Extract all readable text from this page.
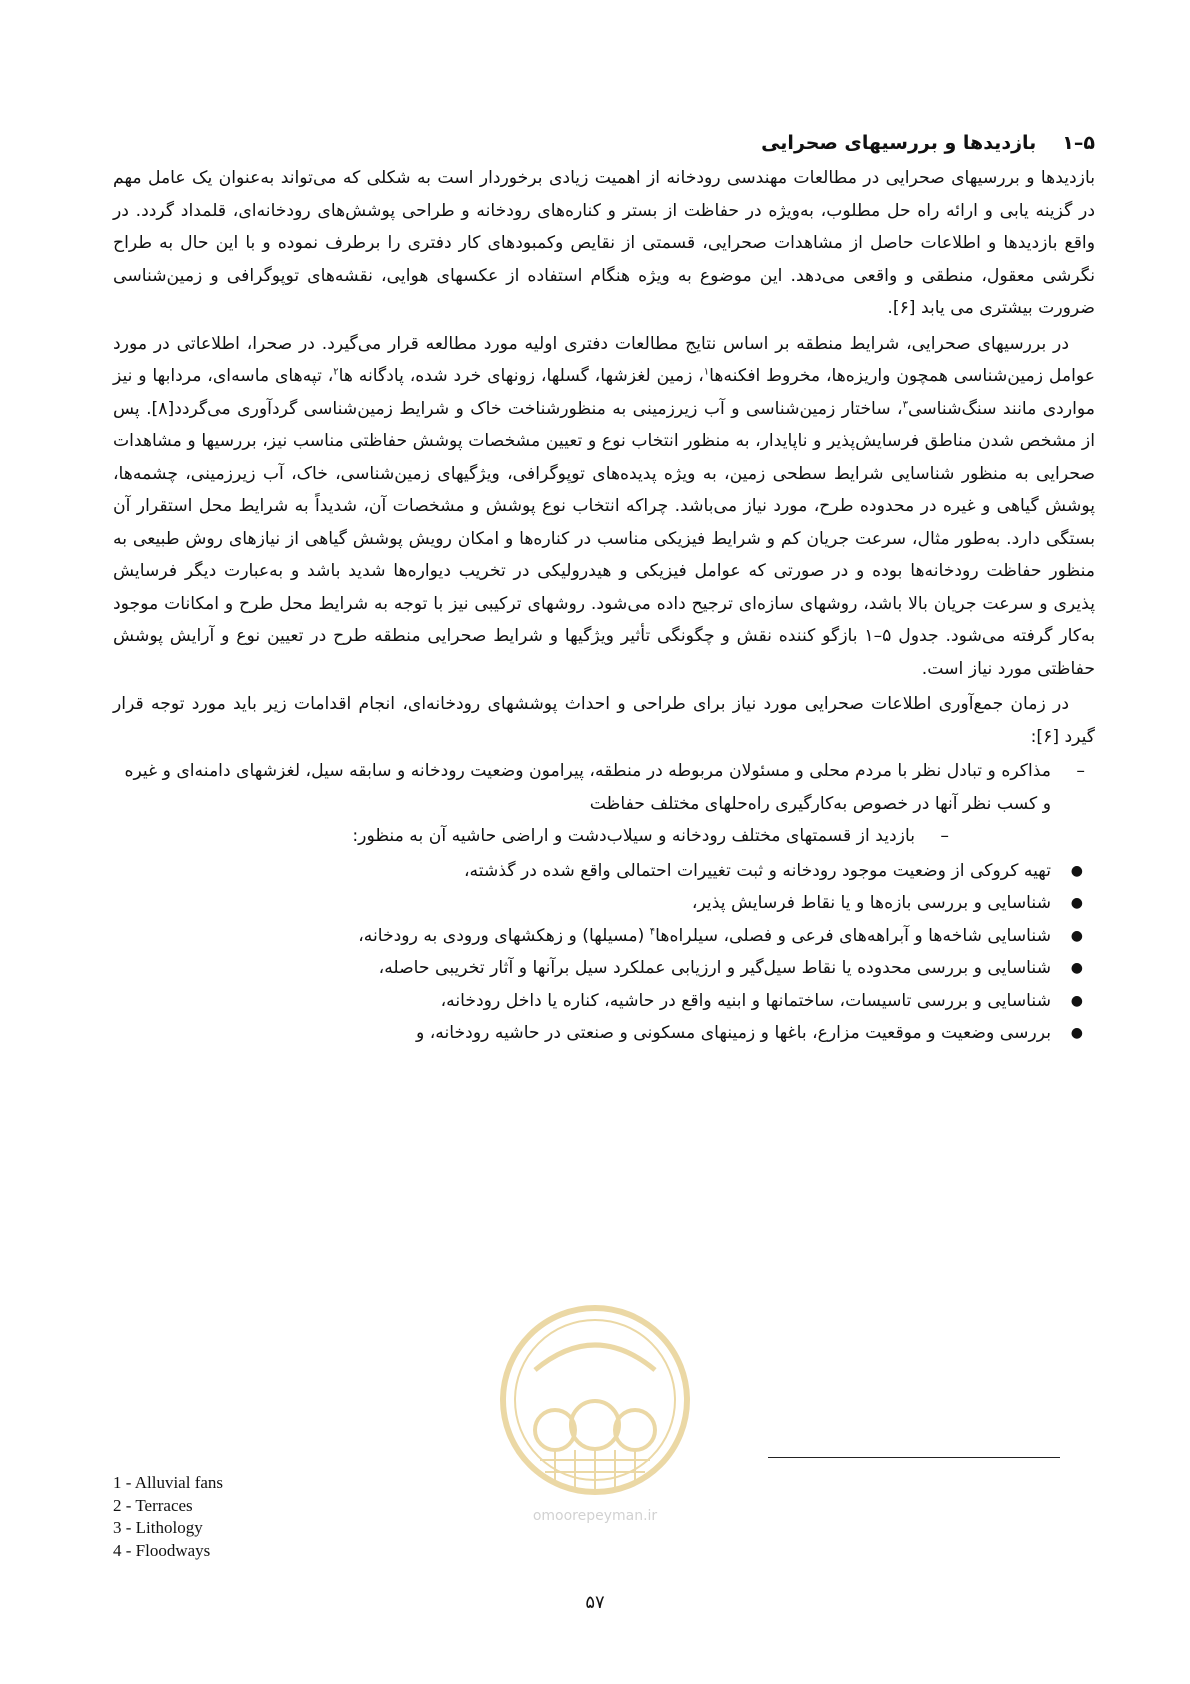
۵–۱بازدیدها و بررسیهای صحرایی

بازدیدها و بررسیهای صحرایی در مطالعات مهندسی رودخانه از اهمیت زیادی برخوردار است به شکلی که می‌تواند به‌عنوان یک عامل مهم در گزینه یابی و ارائه راه حل مطلوب، به‌ویژه در حفاظت از بستر و کناره‌های رودخانه و طراحی پوشش‌های رودخانه‌ای، قلمداد گردد. در واقع بازدیدها و اطلاعات حاصل از مشاهدات صحرایی، قسمتی از نقایص وکمبودهای کار دفتری را برطرف نموده و با این حال به طراح نگرشی معقول، منطقی و واقعی می‌دهد. این موضوع به ویژه هنگام استفاده از عکسهای هوایی، نقشه‌های توپوگرافی و زمین‌شناسی ضرورت بیشتری می یابد [۶].

در بررسیهای صحرایی، شرایط منطقه بر اساس نتایج مطالعات دفتری اولیه مورد مطالعه قرار می‌گیرد. در صحرا، اطلاعاتی در مورد عوامل زمین‌شناسی همچون واریزه‌ها، مخروط افکنه‌ها$^۱$، زمین لغزشها، گسلها، زونهای خرد شده، پادگانه ها$^۲$، تپه‌های ماسه‌ای، مردابها و نیز مواردی مانند سنگ‌شناسی$^۳$، ساختار زمین‌شناسی و آب زیرزمینی به منظورشناخت خاک و شرایط زمین‌شناسی گردآوری می‌گردد[۸]. پس از مشخص شدن مناطق فرسایش‌پذیر و ناپایدار، به منظور انتخاب نوع و تعیین مشخصات پوشش حفاظتی مناسب نیز، بررسیها و مشاهدات صحرایی به منظور شناسایی شرایط سطحی زمین، به ویژه پدیده‌های توپوگرافی، ویژگیهای زمین‌شناسی، خاک، آب زیرزمینی، چشمه‌ها، پوشش گیاهی و غیره در محدوده طرح، مورد نیاز می‌باشد. چراکه انتخاب نوع پوشش و مشخصات آن، شدیداً به شرایط محل استقرار آن بستگی دارد. به‌طور مثال، سرعت جریان کم و شرایط فیزیکی مناسب در کناره‌ها و امکان رویش پوشش گیاهی از نیازهای روش طبیعی به منظور حفاظت رودخانه‌ها بوده و در صورتی که عوامل فیزیکی و هیدرولیکی در تخریب دیواره‌ها شدید باشد و به‌عبارت دیگر فرسایش پذیری و سرعت جریان بالا باشد، روشهای سازه‌ای ترجیح داده می‌شود. روشهای ترکیبی نیز با توجه به شرایط محل طرح و امکانات موجود به‌کار گرفته می‌شود. جدول ۵–۱ بازگو کننده نقش و چگونگی تأثیر ویژگیها و شرایط صحرایی منطقه طرح در تعیین نوع و آرایش پوشش حفاظتی مورد نیاز است.

در زمان جمع‌آوری اطلاعات صحرایی مورد نیاز برای طراحی و احداث پوششهای رودخانه‌ای، انجام اقدامات زیر باید مورد توجه قرار گیرد [۶]:

–
مذاکره و تبادل نظر با مردم محلی و مسئولان مربوطه در منطقه، پیرامون وضعیت رودخانه و سابقه سیل، لغزشهای دامنه‌ای و غیره و کسب نظر آنها در خصوص به‌کارگیری راه‌حلهای مختلف حفاظت
–
بازدید از قسمتهای مختلف رودخانه و سیلاب‌دشت و اراضی حاشیه آن به منظور:
●
تهیه کروکی از وضعیت موجود رودخانه و ثبت تغییرات احتمالی واقع شده در گذشته،
●
شناسایی و بررسی بازه‌ها و یا نقاط فرسایش پذیر،
●
شناسایی شاخه‌ها و آبراهه‌های فرعی و فصلی، سیلراه‌ها$^۴$ (مسیلها) و زهکشهای ورودی به رودخانه،
●
شناسایی و بررسی محدوده یا نقاط سیل‌گیر و ارزیابی عملکرد سیل برآنها و آثار تخریبی حاصله،
●
شناسایی و بررسی تاسیسات، ساختمانها و ابنیه واقع در حاشیه، کناره یا داخل رودخانه،
●
بررسی وضعیت و موقعیت مزارع، باغها و زمینهای مسکونی و صنعتی در حاشیه رودخانه، و
omoorepeyman.ir
1 - Alluvial fans
2 - Terraces
3 - Lithology
4 - Floodways
۵۷
